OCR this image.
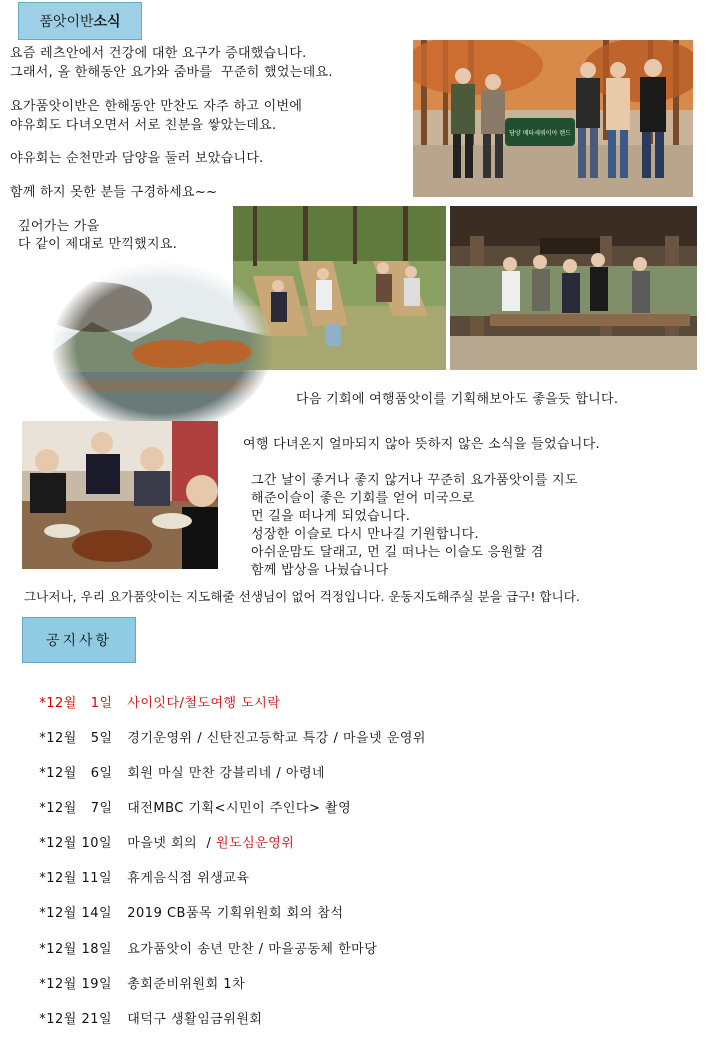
품앗이반 소식
요즘 레츠안에서 건강에 대한 요구가 증대했습니다.
그래서, 올 한해동안 요가와 줌바를  꾸준히 했었는데요.
요가품앗이반은 한해동안 만찬도 자주 하고 이번에
야유회도 다녀오면서 서로 친분을 쌓았는데요.
야유회는 순천만과 담양을 둘러 보았습니다.
함께 하지 못한 분들 구경하세요~~
담양 메타세쿼이아 랜드
깊어가는 가을
다 같이 제대로 만끽했지요.
다음 기회에 여행품앗이를 기획해보아도 좋을듯 합니다.
여행 다녀온지 얼마되지 않아 뜻하지 않은 소식을 들었습니다.
그간 날이 좋거나 좋지 않거나 꾸준히 요가품앗이를 지도
해준이슬이 좋은 기회를 얻어 미국으로
먼 길을 떠나게 되었습니다.
성장한 이슬로 다시 만나길 기원합니다.
아쉬운맘도 달래고, 먼 길 떠나는 이슬도 응원할 겸
함께 밥상을 나눴습니다
그나저나, 우리 요가품앗이는 지도해줄 선생님이 없어 걱정입니다. 운동지도해주실 분을 급구! 합니다.
공지사항

*12월   1일 사이잇다/철도여행 도시락

*12월   5일 경기운영위 / 신탄진고등학교 특강 / 마을넷 운영위

*12월   6일 회원 마실 만찬 강블리네 / 아령네

*12월   7일 대전MBC 기획<시민이 주인다> 촬영

*12월 10일 마을넷 회의  / 원도심운영위

*12월 11일 휴게음식점 위생교육

*12월 14일 2019 CB품목 기획위원회 회의 참석

*12월 18일 요가품앗이 송년 만찬 / 마을공동체 한마당

*12월 19일 총회준비위원회 1차

*12월 21일 대덕구 생활임금위원회
